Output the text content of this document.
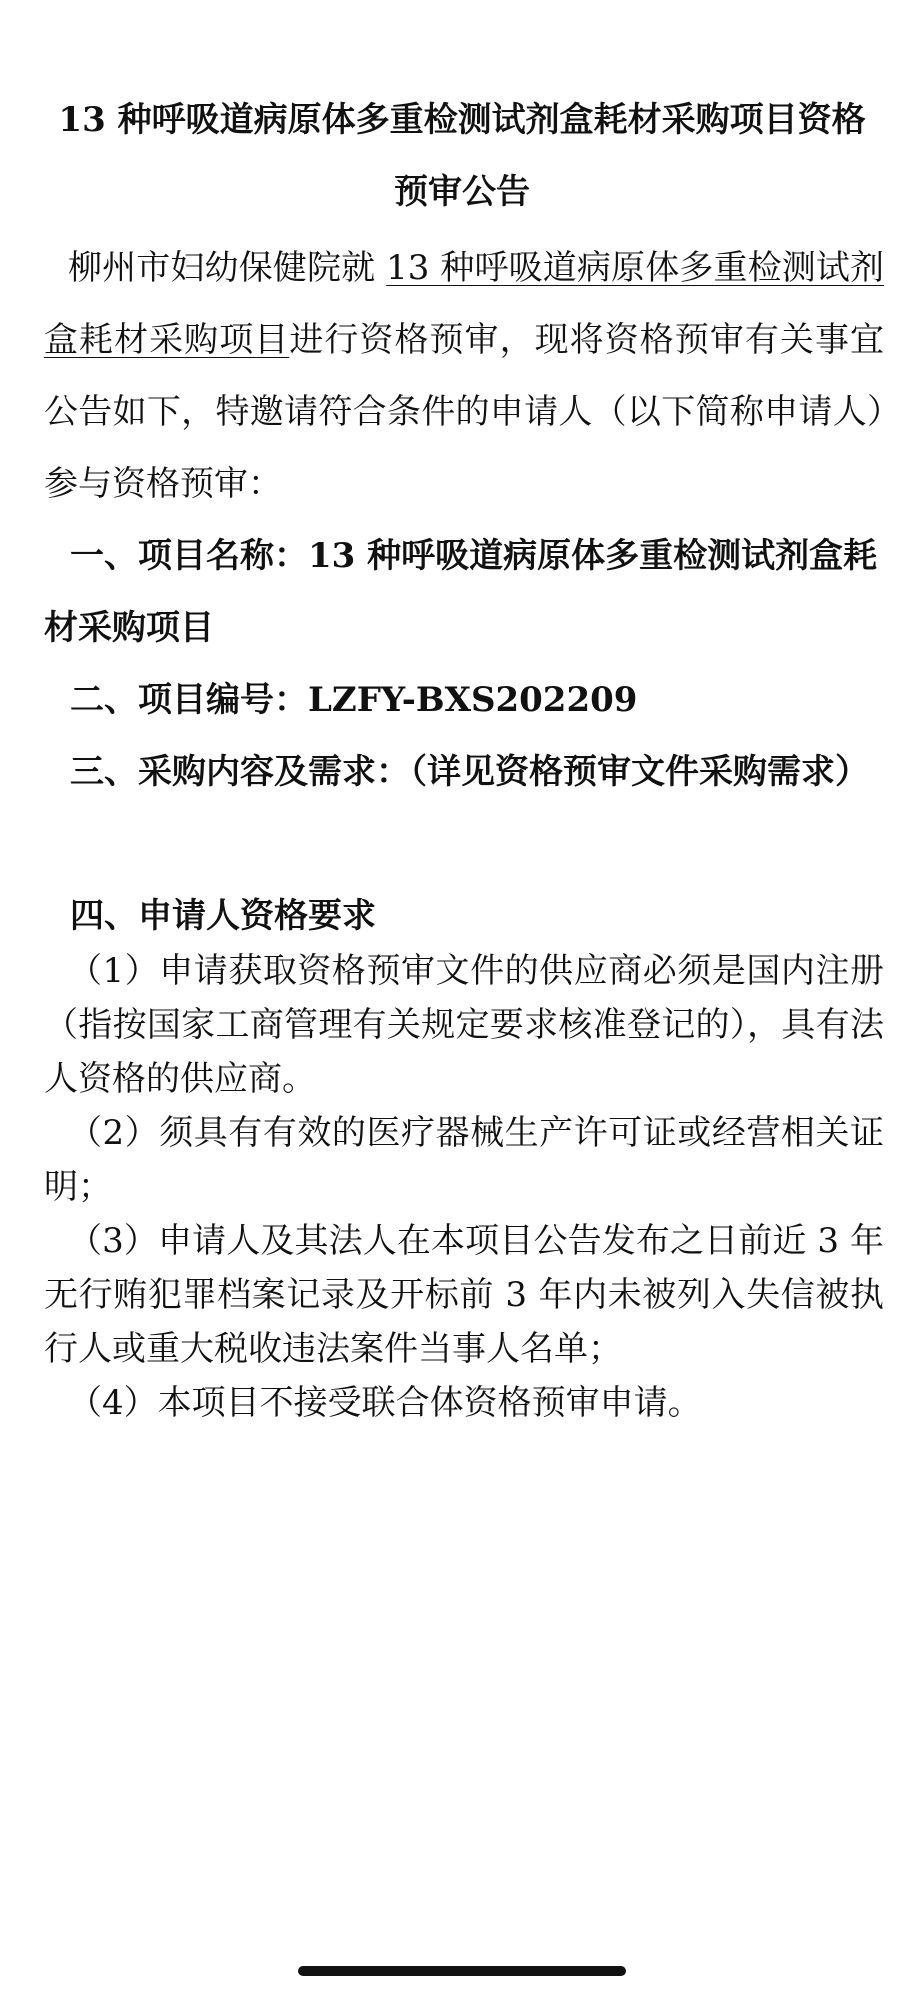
13 种呼吸道病原体多重检测试剂盒耗材采购项目资格预审公告
柳州市妇幼保健院就 13 种呼吸道病原体多重检测试剂盒耗材采购项目进行资格预审，现将资格预审有关事宜公告如下，特邀请符合条件的申请人（以下简称申请人）参与资格预审：
一、项目名称：13 种呼吸道病原体多重检测试剂盒耗材采购项目
二、项目编号：LZFY-BXS202209
三、采购内容及需求：（详见资格预审文件采购需求）
四、申请人资格要求
（1）申请获取资格预审文件的供应商必须是国内注册（指按国家工商管理有关规定要求核准登记的），具有法人资格的供应商。
（2）须具有有效的医疗器械生产许可证或经营相关证明；
（3）申请人及其法人在本项目公告发布之日前近 3 年无行贿犯罪档案记录及开标前 3 年内未被列入失信被执行人或重大税收违法案件当事人名单；
（4）本项目不接受联合体资格预审申请。
